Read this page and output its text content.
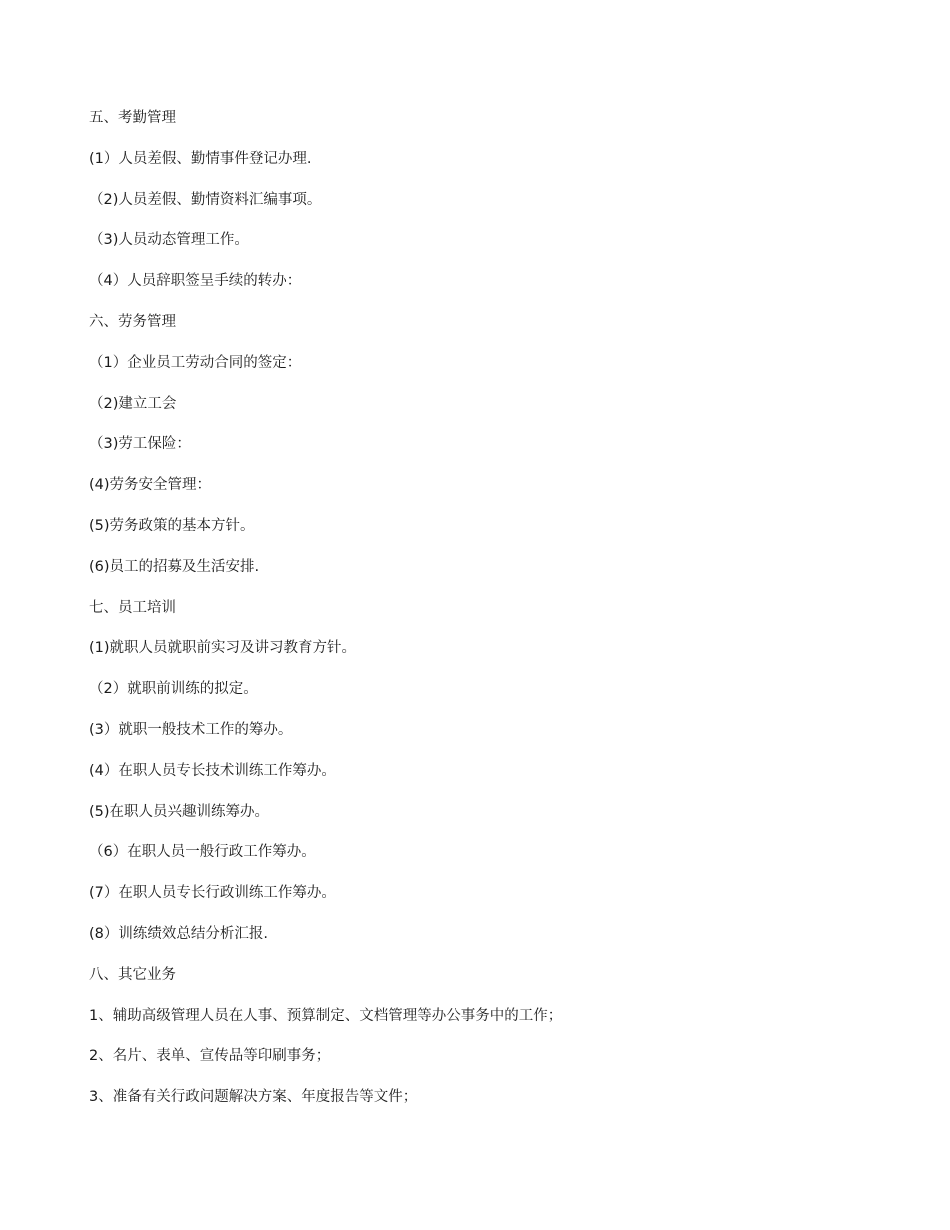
五、考勤管理
(1）人员差假、勤情事件登记办理.
（2)人员差假、勤情资料汇编事项。
（3)人员动态管理工作。
（4）人员辞职签呈手续的转办：
六、劳务管理
（1）企业员工劳动合同的签定：
（2)建立工会
（3)劳工保险：
(4)劳务安全管理：
(5)劳务政策的基本方针。
(6)员工的招募及生活安排.
七、员工培训
(1)就职人员就职前实习及讲习教育方针。
（2）就职前训练的拟定。
(3）就职一般技术工作的筹办。
(4）在职人员专长技术训练工作筹办。
(5)在职人员兴趣训练筹办。
（6）在职人员一般行政工作筹办。
(7）在职人员专长行政训练工作筹办。
(8）训练绩效总结分析汇报.
八、其它业务
1、辅助高级管理人员在人事、预算制定、文档管理等办公事务中的工作；
2、名片、表单、宣传品等印刷事务；
3、准备有关行政问题解决方案、年度报告等文件；
